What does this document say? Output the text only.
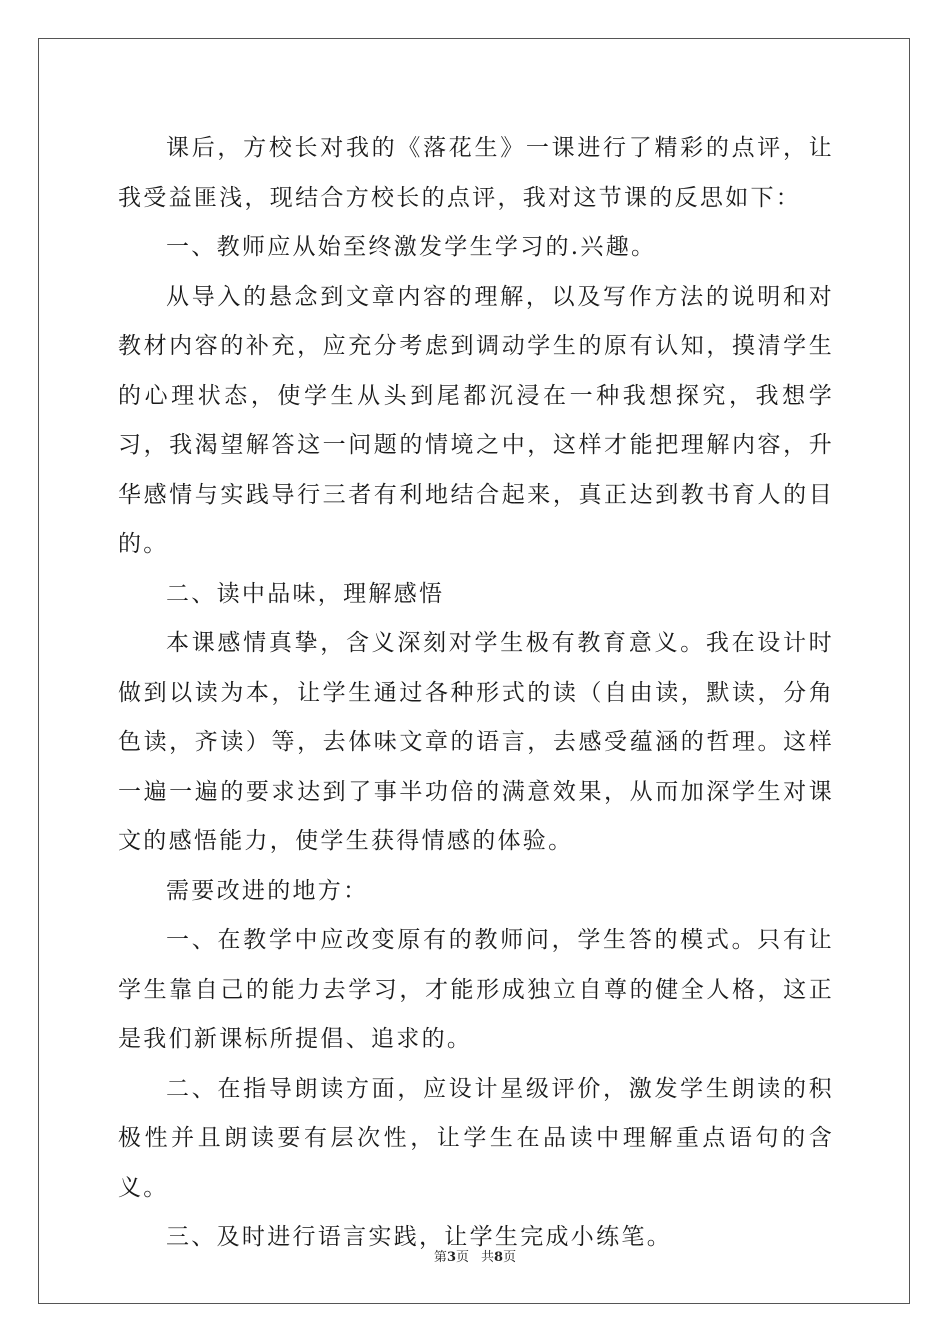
课后，方校长对我的《落花生》一课进行了精彩的点评，让我受益匪浅，现结合方校长的点评，我对这节课的反思如下：

一、教师应从始至终激发学生学习的.兴趣。

从导入的悬念到文章内容的理解，以及写作方法的说明和对教材内容的补充，应充分考虑到调动学生的原有认知，摸清学生的心理状态，使学生从头到尾都沉浸在一种我想探究，我想学习，我渴望解答这一问题的情境之中，这样才能把理解内容，升华感情与实践导行三者有利地结合起来，真正达到教书育人的目的。

二、读中品味，理解感悟

本课感情真挚，含义深刻对学生极有教育意义。我在设计时做到以读为本，让学生通过各种形式的读（自由读，默读，分角色读，齐读）等，去体味文章的语言，去感受蕴涵的哲理。这样一遍一遍的要求达到了事半功倍的满意效果，从而加深学生对课文的感悟能力，使学生获得情感的体验。

需要改进的地方：

一、在教学中应改变原有的教师问，学生答的模式。只有让学生靠自己的能力去学习，才能形成独立自尊的健全人格，这正是我们新课标所提倡、追求的。

二、在指导朗读方面，应设计星级评价，激发学生朗读的积极性并且朗读要有层次性，让学生在品读中理解重点语句的含义。

三、及时进行语言实践，让学生完成小练笔。

第3页 共8页
